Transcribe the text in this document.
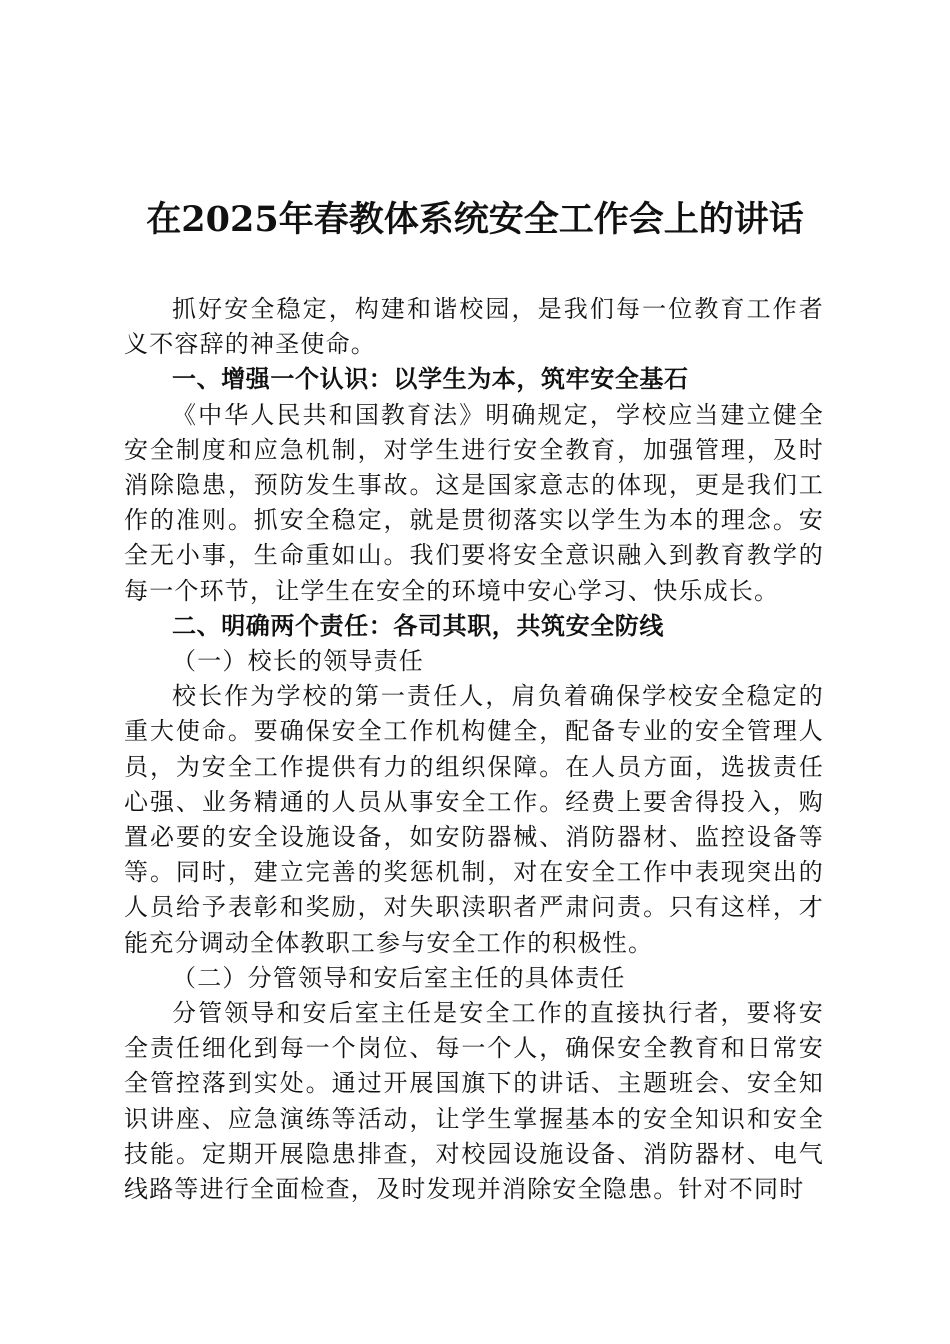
在2025年春教体系统安全工作会上的讲话

抓好安全稳定，构建和谐校园，是我们每一位教育工作者义不容辞的神圣使命。

一、增强一个认识：以学生为本，筑牢安全基石

《中华人民共和国教育法》明确规定，学校应当建立健全安全制度和应急机制，对学生进行安全教育，加强管理，及时消除隐患，预防发生事故。这是国家意志的体现，更是我们工作的准则。抓安全稳定，就是贯彻落实以学生为本的理念。安全无小事，生命重如山。我们要将安全意识融入到教育教学的每一个环节，让学生在安全的环境中安心学习、快乐成长。

二、明确两个责任：各司其职，共筑安全防线

（一）校长的领导责任

校长作为学校的第一责任人，肩负着确保学校安全稳定的重大使命。要确保安全工作机构健全，配备专业的安全管理人员，为安全工作提供有力的组织保障。在人员方面，选拔责任心强、业务精通的人员从事安全工作。经费上要舍得投入，购置必要的安全设施设备，如安防器械、消防器材、监控设备等等。同时，建立完善的奖惩机制，对在安全工作中表现突出的人员给予表彰和奖励，对失职渎职者严肃问责。只有这样，才能充分调动全体教职工参与安全工作的积极性。

（二）分管领导和安后室主任的具体责任

分管领导和安后室主任是安全工作的直接执行者，要将安全责任细化到每一个岗位、每一个人，确保安全教育和日常安全管控落到实处。通过开展国旗下的讲话、主题班会、安全知识讲座、应急演练等活动，让学生掌握基本的安全知识和安全技能。定期开展隐患排查，对校园设施设备、消防器材、电气线路等进行全面检查，及时发现并消除安全隐患。针对不同时
